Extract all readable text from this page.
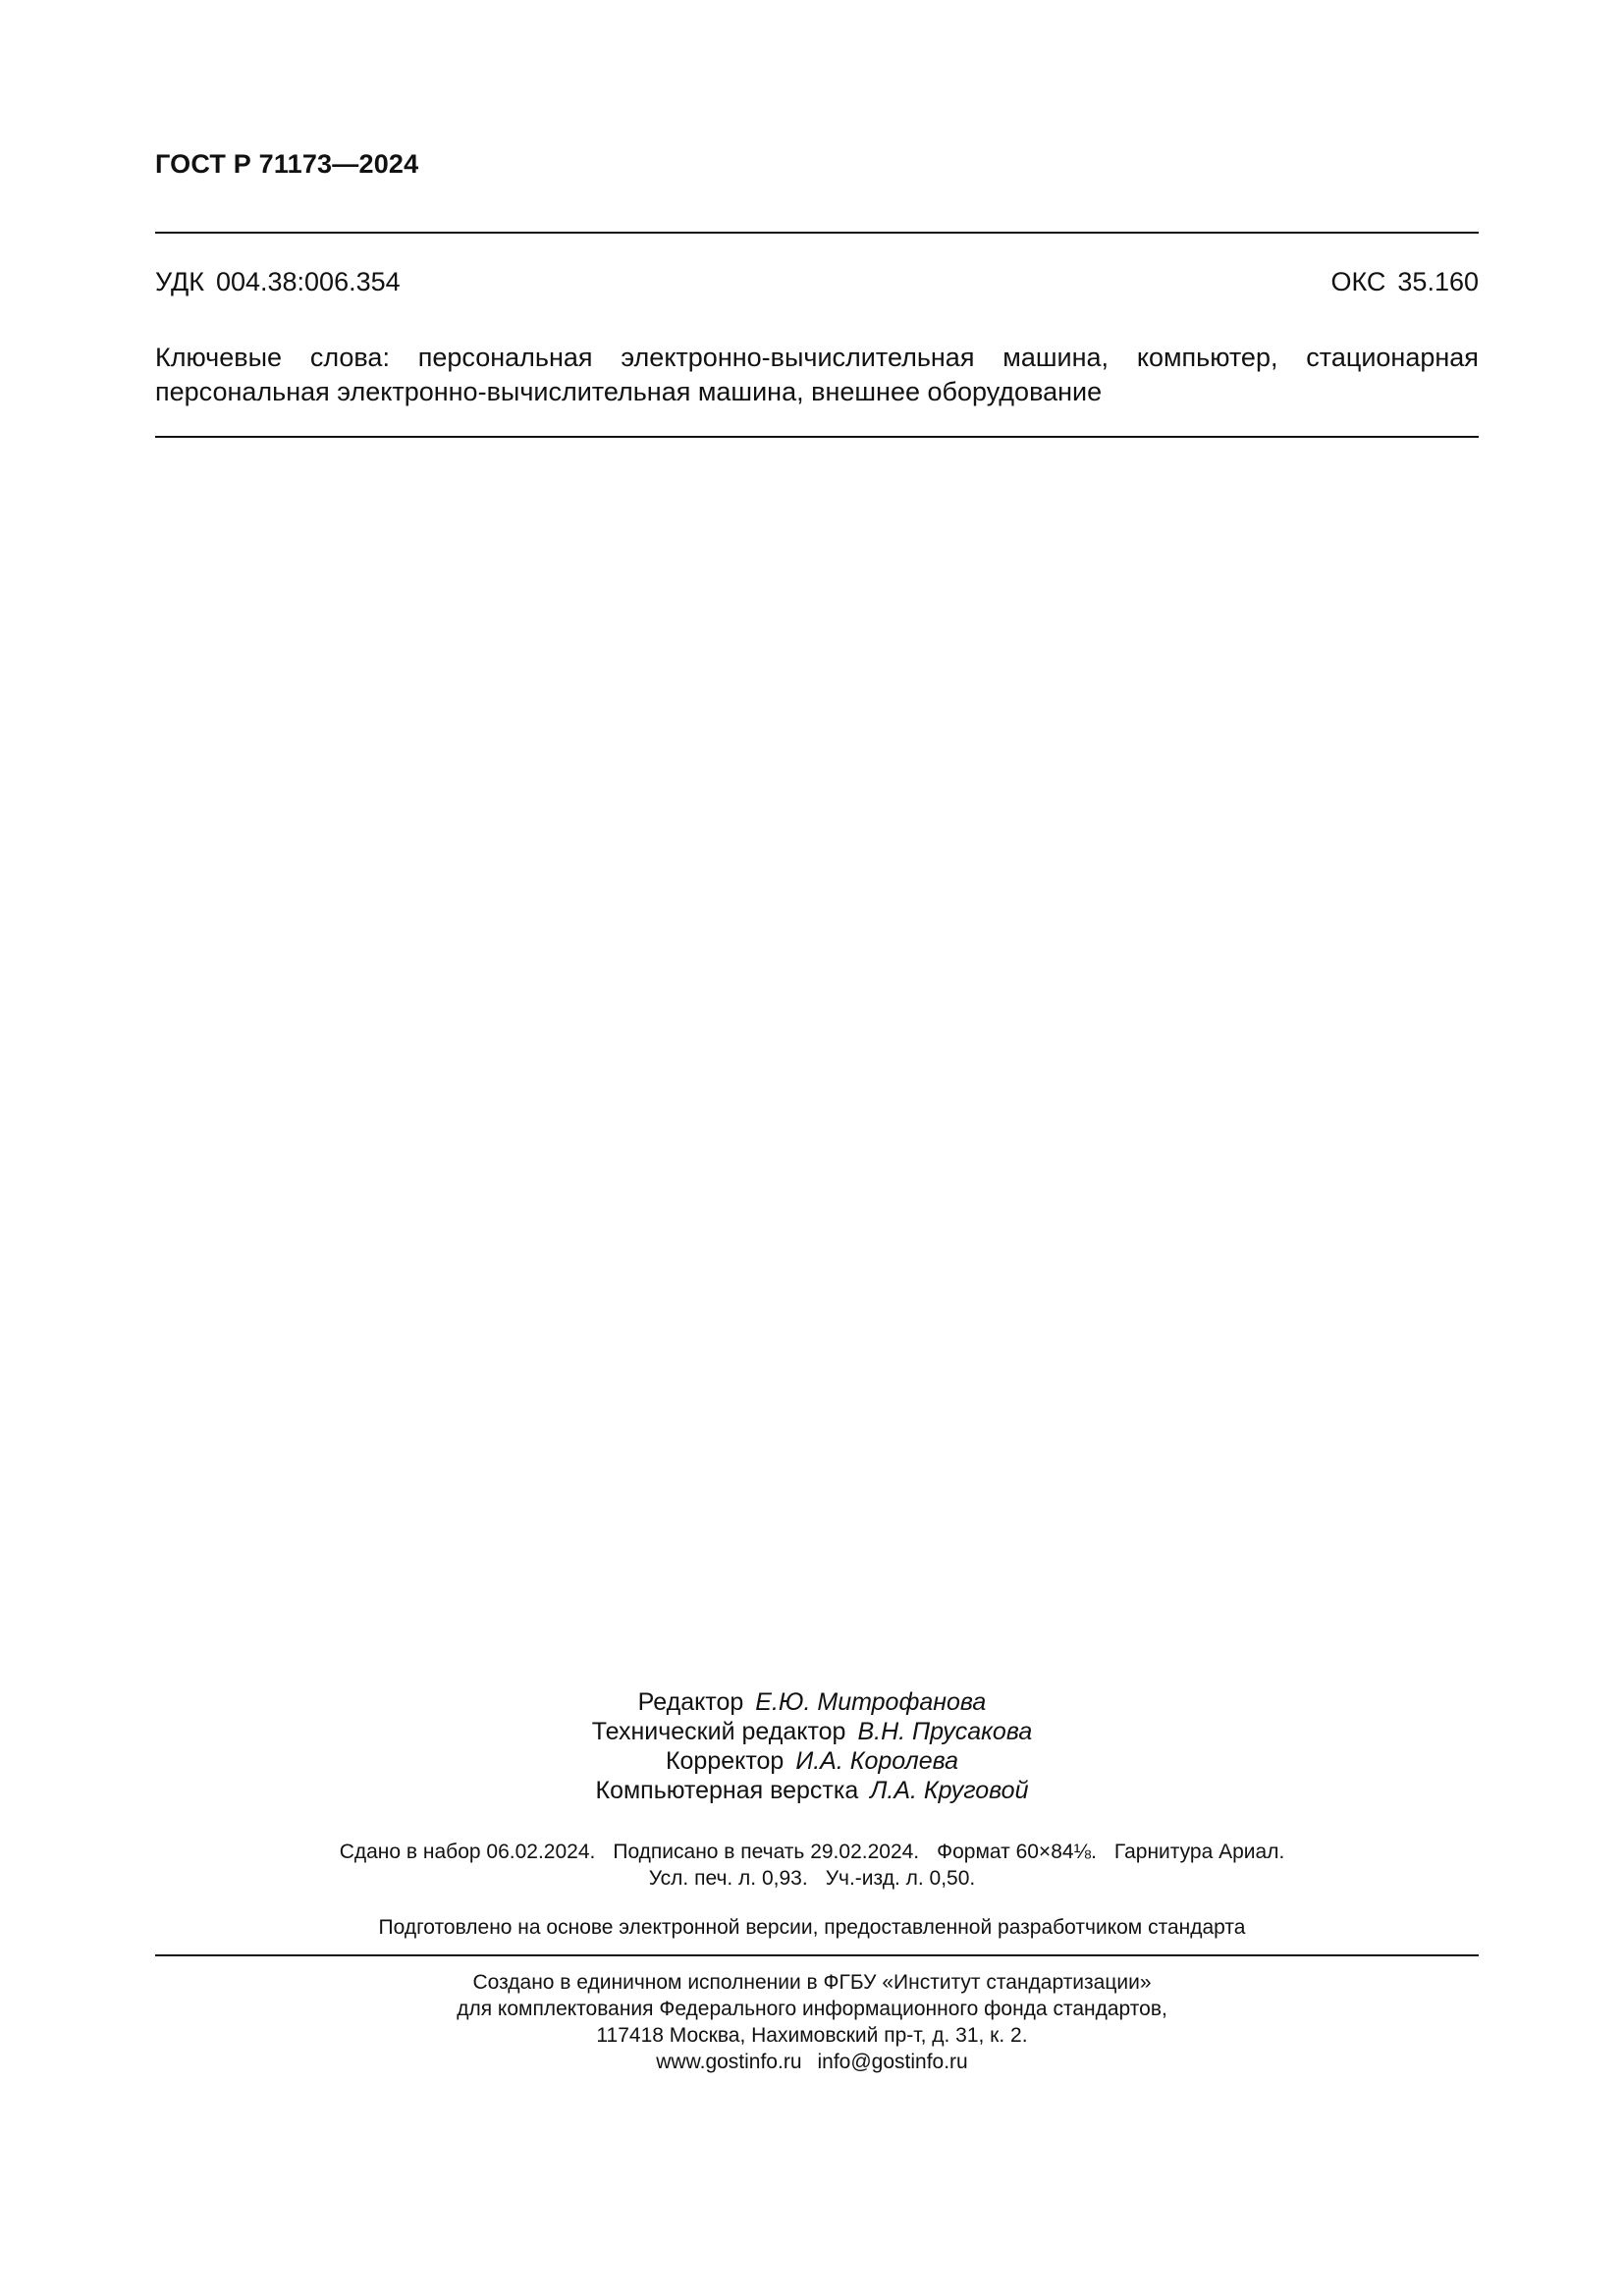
ГОСТ Р 71173—2024
УДК 004.38:006.354	ОКС 35.160
Ключевые слова: персональная электронно-вычислительная машина, компьютер, стационарная
персональная электронно-вычислительная машина, внешнее оборудование
Редактор Е.Ю. Митрофанова
Технический редактор В.Н. Прусакова
Корректор И.А. Королева
Компьютерная верстка Л.А. Круговой
Сдано в набор 06.02.2024. Подписано в печать 29.02.2024. Формат 60×84⅛. Гарнитура Ариал.
Усл. печ. л. 0,93. Уч.-изд. л. 0,50.
Подготовлено на основе электронной версии, предоставленной разработчиком стандарта
Создано в единичном исполнении в ФГБУ «Институт стандартизации»
для комплектования Федерального информационного фонда стандартов,
117418 Москва, Нахимовский пр-т, д. 31, к. 2.
www.gostinfo.ru info@gostinfo.ru
